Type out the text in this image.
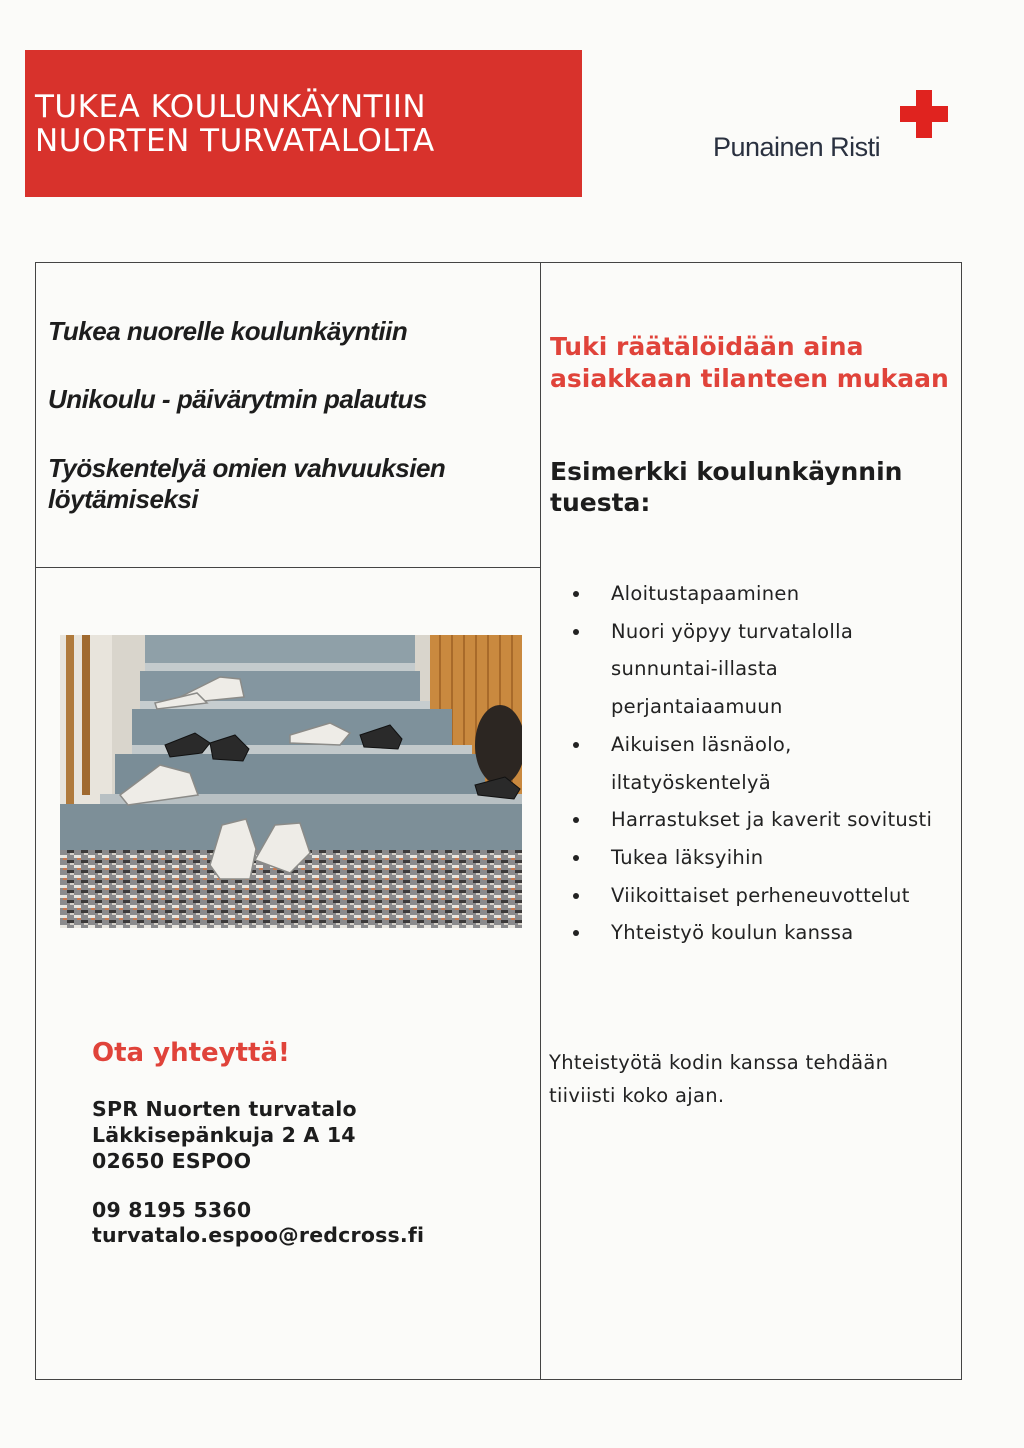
TUKEA KOULUNKÄYNTIIN
NUORTEN TURVATALOLTA	Punainen Risti
Tukea nuorelle koulunkäyntiin
Unikoulu - päivärytmin palautus
Työskentelyä omien vahvuuksien löytämiseksi
Tuki räätälöidään aina asiakkaan tilanteen mukaan
Esimerkki koulunkäynnin tuesta:
Aloitustapaaminen
Nuori yöpyy turvatalolla sunnuntai-illasta perjantaiaamuun
Aikuisen läsnäolo, iltatyöskentelyä
Harrastukset ja kaverit sovitusti
Tukea läksyihin
Viikoittaiset perheneuvottelut
Yhteistyö koulun kanssa
Ota yhteyttä!
SPR Nuorten turvatalo
Läkkisepänkuja 2 A 14
02650 ESPOO
09 8195 5360
turvatalo.espoo@redcross.fi
Yhteistyötä kodin kanssa tehdään tiiviisti koko ajan.
